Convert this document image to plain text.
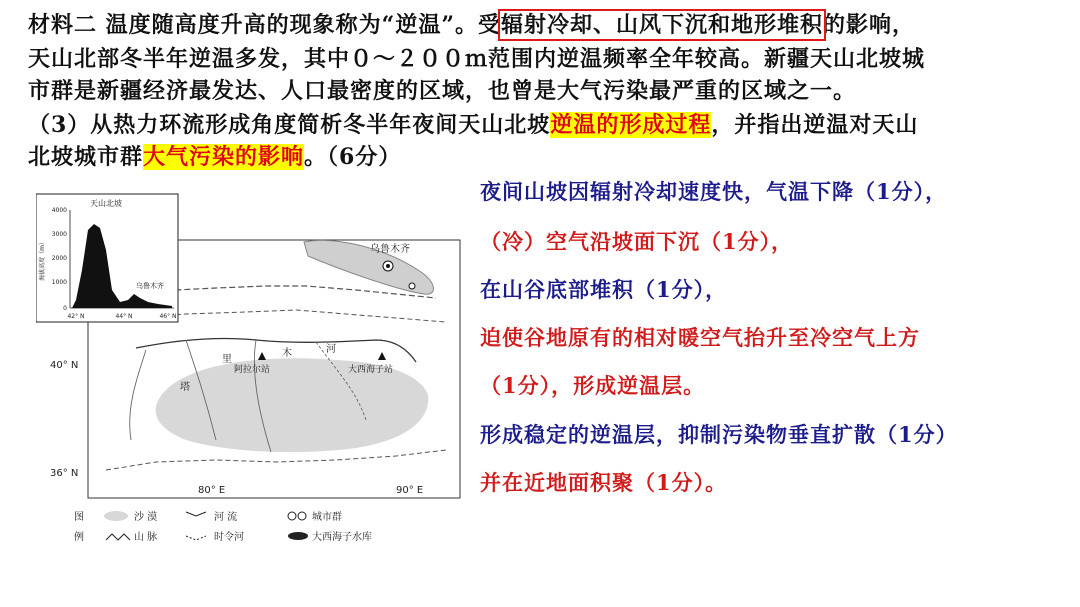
材料二 温度随高度升高的现象称为“逆温”。受辐射冷却、山风下沉和地形堆积的影响，
天山北部冬半年逆温多发，其中０～２００ｍ范围内逆温频率全年较高。新疆天山北坡城
市群是新疆经济最发达、人口最密度的区域，也曾是大气污染最严重的区域之一。
（3）从热力环流形成角度简析冬半年夜间天山北坡逆温的形成过程，并指出逆温对天山
北坡城市群大气污染的影响。（6分）
夜间山坡因辐射冷却速度快，气温下降（1分），
（冷）空气沿坡面下沉（1分），
在山谷底部堆积（1分），
迫使谷地原有的相对暖空气抬升至冷空气上方
（1分），形成逆温层。
形成稳定的逆温层，抑制污染物垂直扩散（1分）
并在近地面积聚（1分）。
阿拉尔站	大西海子站
里
木	河
塔
乌鲁木齐
40° N
36° N
80° E	90° E
天山北坡
海拔高度（m）
4000
3000
2000
1000
0
乌鲁木齐
42° N	44° N	46° N
图
例
沙 漠	河 流	城市群
山 脉	时令河	大西海子水库
